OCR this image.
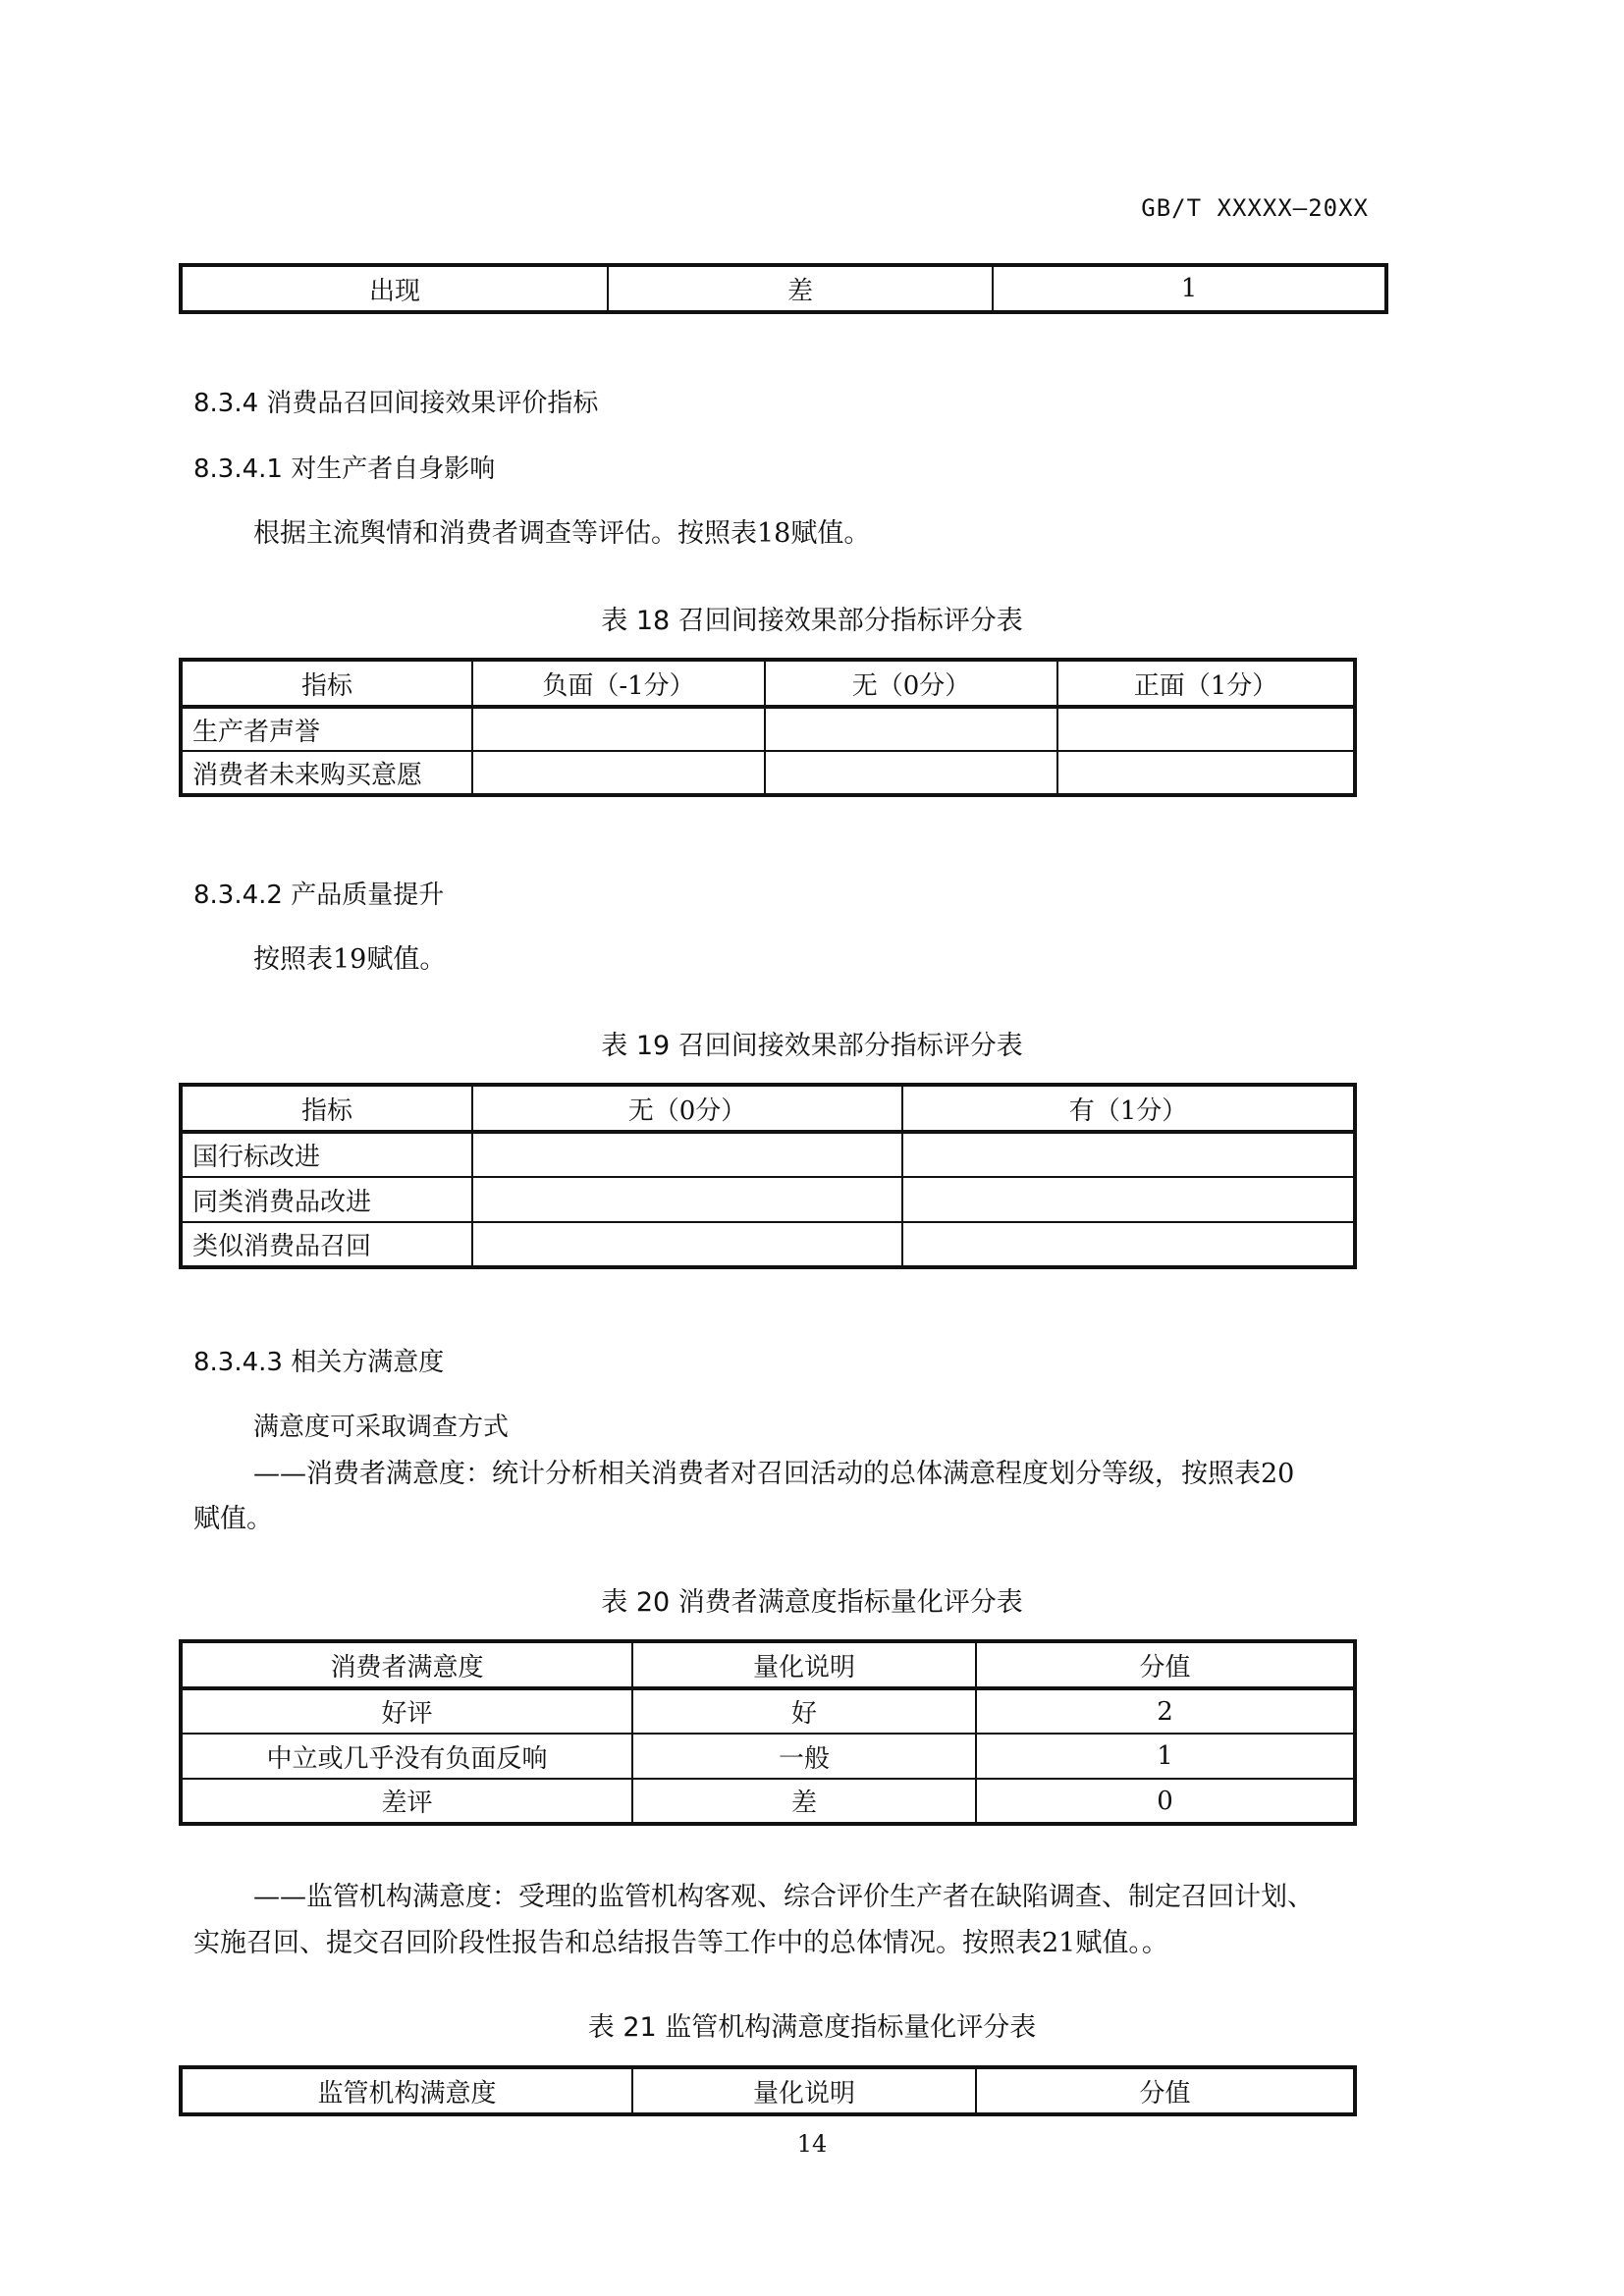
GB/T XXXXX—20XX
出现	差	1
8.3.4 消费品召回间接效果评价指标
8.3.4.1 对生产者自身影响
根据主流舆情和消费者调查等评估。按照表18赋值。
表 18 召回间接效果部分指标评分表
指标	负面（-1分）	无（0分）	正面（1分）
生产者声誉			
消费者未来购买意愿			
8.3.4.2 产品质量提升
按照表19赋值。
表 19 召回间接效果部分指标评分表
指标	无（0分）	有（1分）
国行标改进		
同类消费品改进		
类似消费品召回		
8.3.4.3 相关方满意度
满意度可采取调查方式
——消费者满意度：统计分析相关消费者对召回活动的总体满意程度划分等级，按照表20
赋值。
表 20 消费者满意度指标量化评分表
消费者满意度	量化说明	分值
好评	好	2
中立或几乎没有负面反响	一般	1
差评	差	0
——监管机构满意度：受理的监管机构客观、综合评价生产者在缺陷调查、制定召回计划、
实施召回、提交召回阶段性报告和总结报告等工作中的总体情况。按照表21赋值。。
表 21 监管机构满意度指标量化评分表
监管机构满意度	量化说明	分值
14
